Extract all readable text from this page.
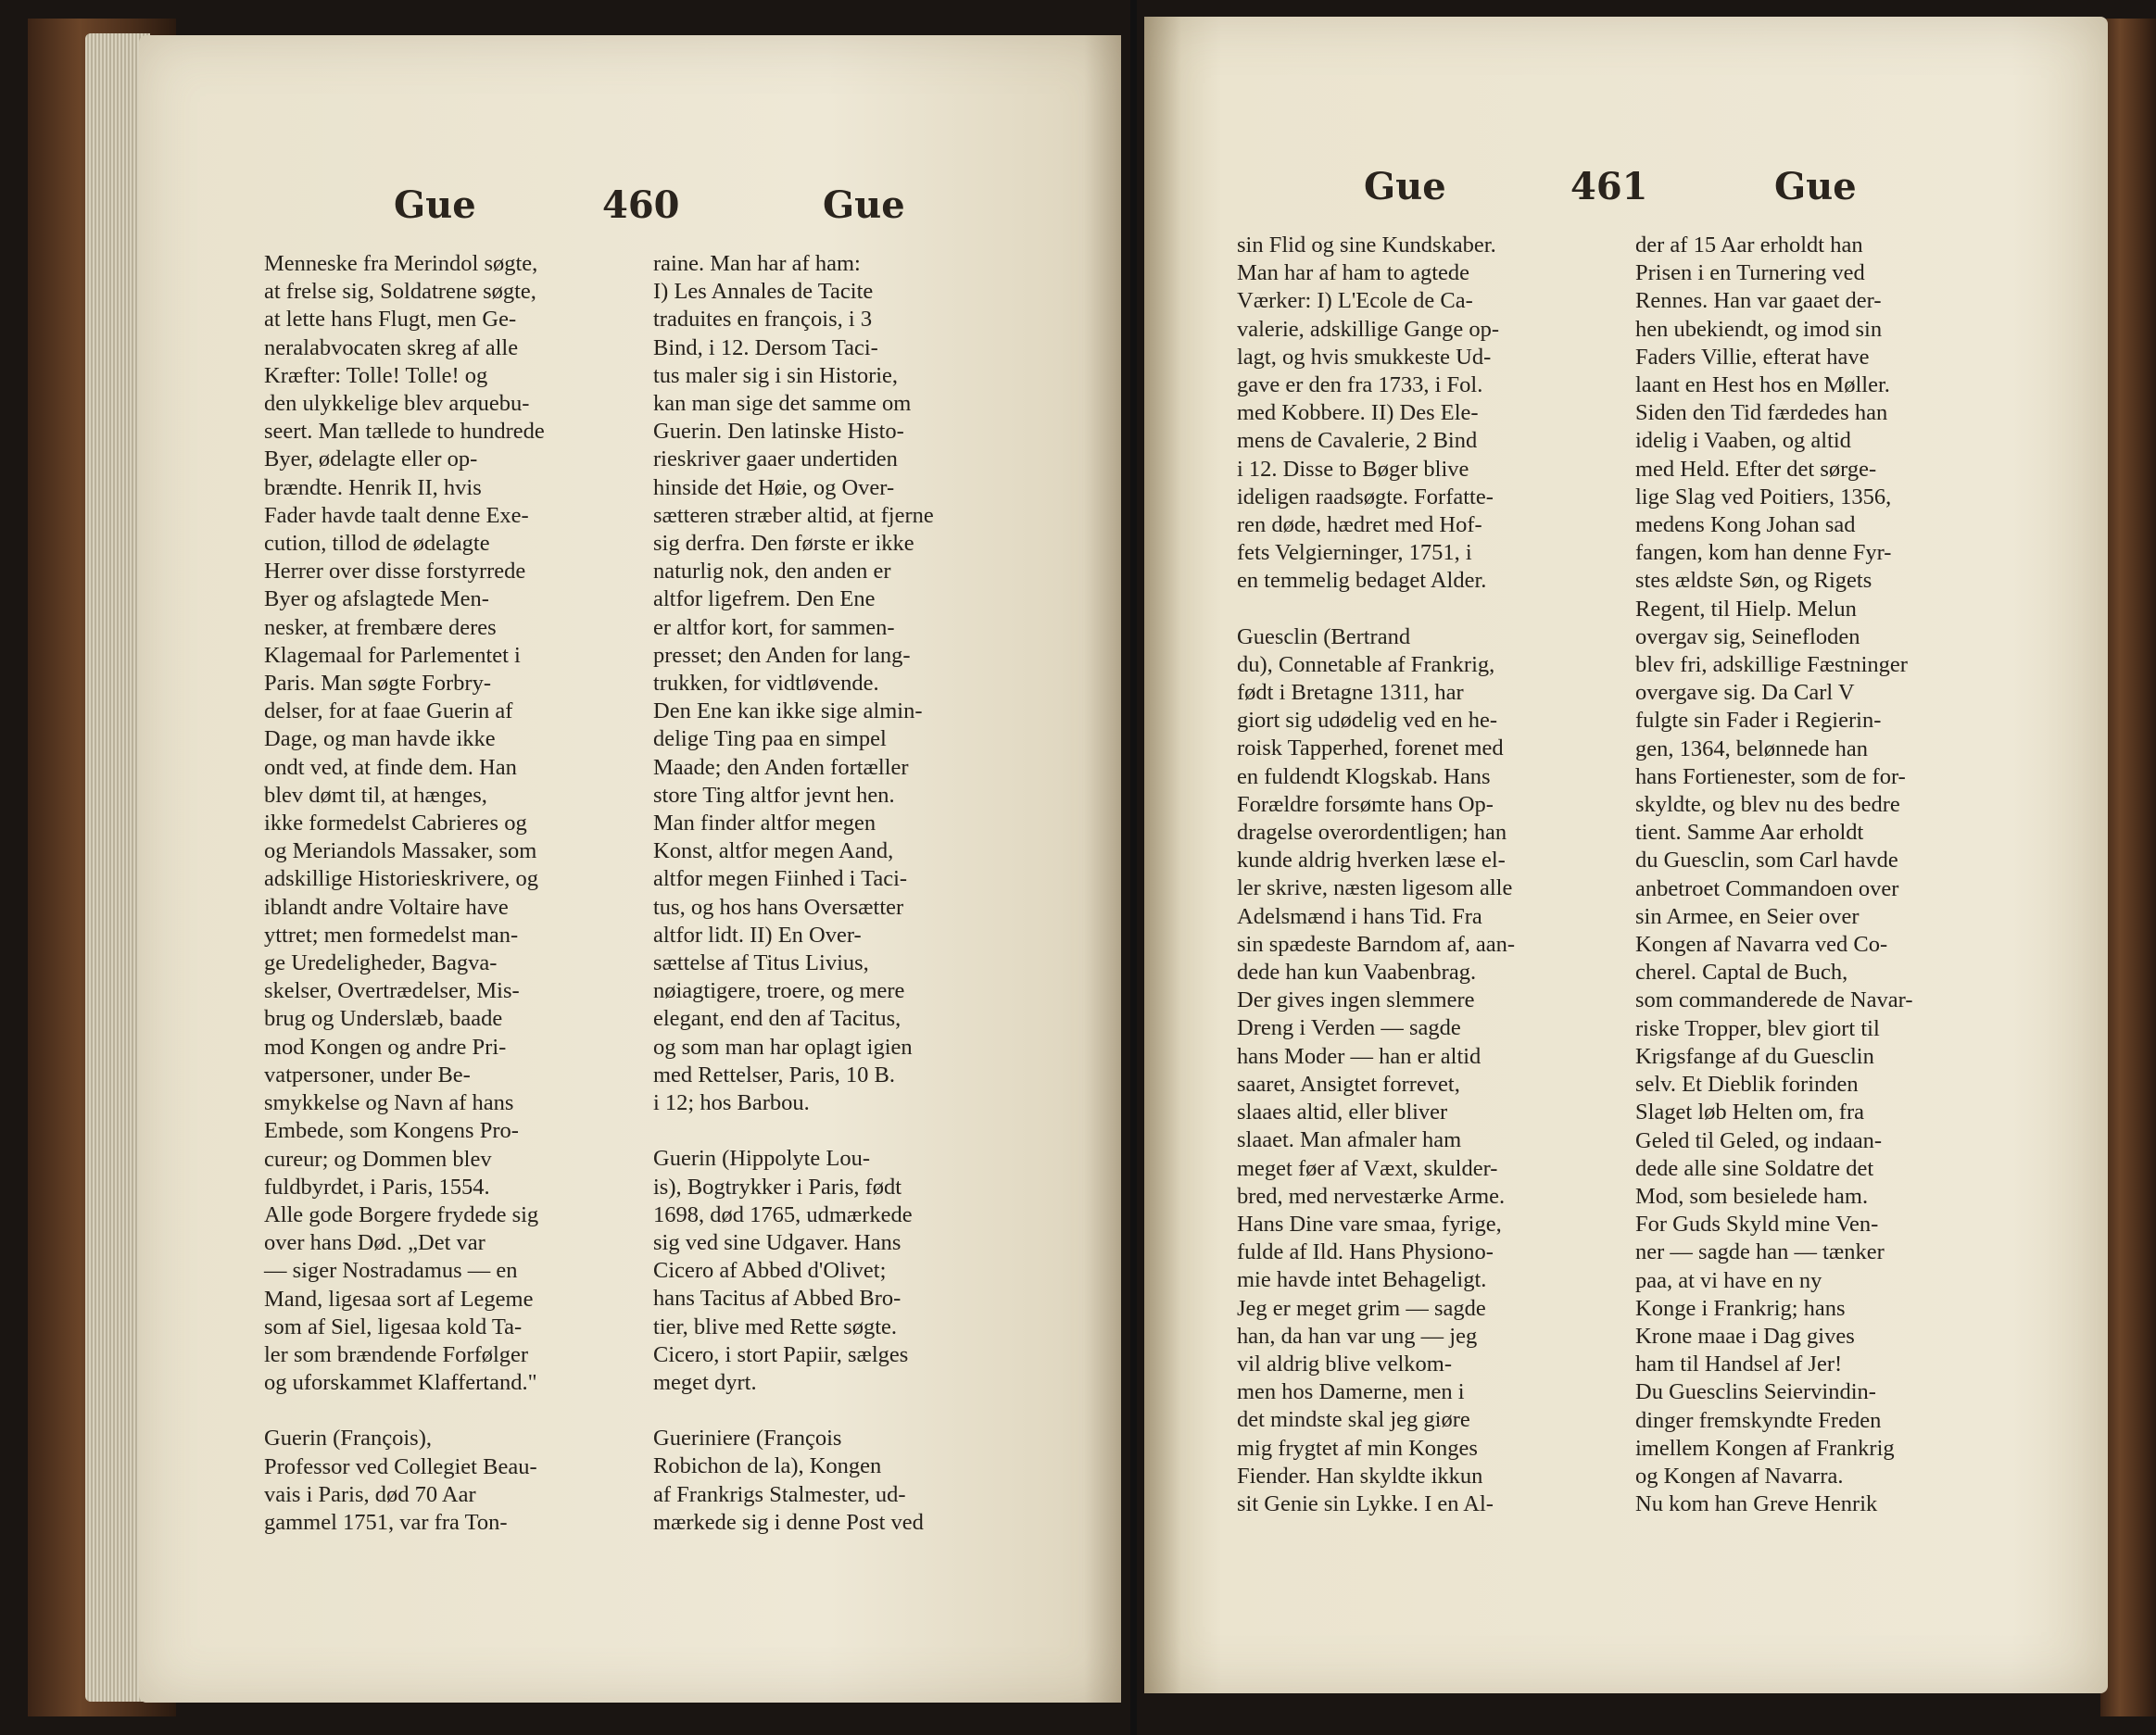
Gue	460	Gue
Menneske fra Merindol søgte,
at frelse sig, Soldatrene søgte,
at lette hans Flugt, men Ge-
neralabvocaten skreg af alle
Kræfter: Tolle! Tolle! og
den ulykkelige blev arquebu-
seert. Man tællede to hundrede
Byer, ødelagte eller op-
brændte. Henrik II, hvis
Fader havde taalt denne Exe-
cution, tillod de ødelagte
Herrer over disse forstyrrede
Byer og afslagtede Men-
nesker, at frembære deres
Klagemaal for Parlementet i
Paris. Man søgte Forbry-
delser, for at faae Guerin af
Dage, og man havde ikke
ondt ved, at finde dem. Han
blev dømt til, at hænges,
ikke formedelst Cabrieres og
og Meriandols Massaker, som
adskillige Historieskrivere, og
iblandt andre Voltaire have
yttret; men formedelst man-
ge Uredeligheder, Bagva-
skelser, Overtrædelser, Mis-
brug og Underslæb, baade
mod Kongen og andre Pri-
vatpersoner, under Be-
smykkelse og Navn af hans
Embede, som Kongens Pro-
cureur; og Dommen blev
fuldbyrdet, i Paris, 1554.
Alle gode Borgere frydede sig
over hans Død. „Det var
— siger Nostradamus — en
Mand, ligesaa sort af Legeme
som af Siel, ligesaa kold Ta-
ler som brændende Forfølger
og uforskammet Klaffertand."
Guerin (François),
Professor ved Collegiet Beau-
vais i Paris, død 70 Aar
gammel 1751, var fra Ton-
raine. Man har af ham:
I) Les Annales de Tacite
traduites en françois, i 3
Bind, i 12. Dersom Taci-
tus maler sig i sin Historie,
kan man sige det samme om
Guerin. Den latinske Histo-
rieskriver gaaer undertiden
hinside det Høie, og Over-
sætteren stræber altid, at fjerne
sig derfra. Den første er ikke
naturlig nok, den anden er
altfor ligefrem. Den Ene
er altfor kort, for sammen-
presset; den Anden for lang-
trukken, for vidtløvende.
Den Ene kan ikke sige almin-
delige Ting paa en simpel
Maade; den Anden fortæller
store Ting altfor jevnt hen.
Man finder altfor megen
Konst, altfor megen Aand,
altfor megen Fiinhed i Taci-
tus, og hos hans Oversætter
altfor lidt. II) En Over-
sættelse af Titus Livius,
nøiagtigere, troere, og mere
elegant, end den af Tacitus,
og som man har oplagt igien
med Rettelser, Paris, 10 B.
i 12; hos Barbou.
Guerin (Hippolyte Lou-
is), Bogtrykker i Paris, født
1698, død 1765, udmærkede
sig ved sine Udgaver. Hans
Cicero af Abbed d'Olivet;
hans Tacitus af Abbed Bro-
tier, blive med Rette søgte.
Cicero, i stort Papiir, sælges
meget dyrt.
Gueriniere (François
Robichon de la), Kongen
af Frankrigs Stalmester, ud-
mærkede sig i denne Post ved
Gue	461	Gue
sin Flid og sine Kundskaber.
Man har af ham to agtede
Værker: I) L'Ecole de Ca-
valerie, adskillige Gange op-
lagt, og hvis smukkeste Ud-
gave er den fra 1733, i Fol.
med Kobbere. II) Des Ele-
mens de Cavalerie, 2 Bind
i 12. Disse to Bøger blive
ideligen raadsøgte. Forfatte-
ren døde, hædret med Hof-
fets Velgierninger, 1751, i
en temmelig bedaget Alder.
Guesclin (Bertrand
du), Connetable af Frankrig,
født i Bretagne 1311, har
giort sig udødelig ved en he-
roisk Tapperhed, forenet med
en fuldendt Klogskab. Hans
Forældre forsømte hans Op-
dragelse overordentligen; han
kunde aldrig hverken læse el-
ler skrive, næsten ligesom alle
Adelsmænd i hans Tid. Fra
sin spædeste Barndom af, aan-
dede han kun Vaabenbrag.
Der gives ingen slemmere
Dreng i Verden — sagde
hans Moder — han er altid
saaret, Ansigtet forrevet,
slaaes altid, eller bliver
slaaet. Man afmaler ham
meget føer af Væxt, skulder-
bred, med nervestærke Arme.
Hans Dine vare smaa, fyrige,
fulde af Ild. Hans Physiono-
mie havde intet Behageligt.
Jeg er meget grim — sagde
han, da han var ung — jeg
vil aldrig blive velkom-
men hos Damerne, men i
det mindste skal jeg giøre
mig frygtet af min Konges
Fiender. Han skyldte ikkun
sit Genie sin Lykke. I en Al-
der af 15 Aar erholdt han
Prisen i en Turnering ved
Rennes. Han var gaaet der-
hen ubekiendt, og imod sin
Faders Villie, efterat have
laant en Hest hos en Møller.
Siden den Tid færdedes han
idelig i Vaaben, og altid
med Held. Efter det sørge-
lige Slag ved Poitiers, 1356,
medens Kong Johan sad
fangen, kom han denne Fyr-
stes ældste Søn, og Rigets
Regent, til Hielp. Melun
overgav sig, Seinefloden
blev fri, adskillige Fæstninger
overgave sig. Da Carl V
fulgte sin Fader i Regierin-
gen, 1364, belønnede han
hans Fortienester, som de for-
skyldte, og blev nu des bedre
tient. Samme Aar erholdt
du Guesclin, som Carl havde
anbetroet Commandoen over
sin Armee, en Seier over
Kongen af Navarra ved Co-
cherel. Captal de Buch,
som commanderede de Navar-
riske Tropper, blev giort til
Krigsfange af du Guesclin
selv. Et Dieblik forinden
Slaget løb Helten om, fra
Geled til Geled, og indaan-
dede alle sine Soldatre det
Mod, som besielede ham.
For Guds Skyld mine Ven-
ner — sagde han — tænker
paa, at vi have en ny
Konge i Frankrig; hans
Krone maae i Dag gives
ham til Handsel af Jer!
Du Guesclins Seiervindin-
dinger fremskyndte Freden
imellem Kongen af Frankrig
og Kongen af Navarra.
Nu kom han Greve Henrik
